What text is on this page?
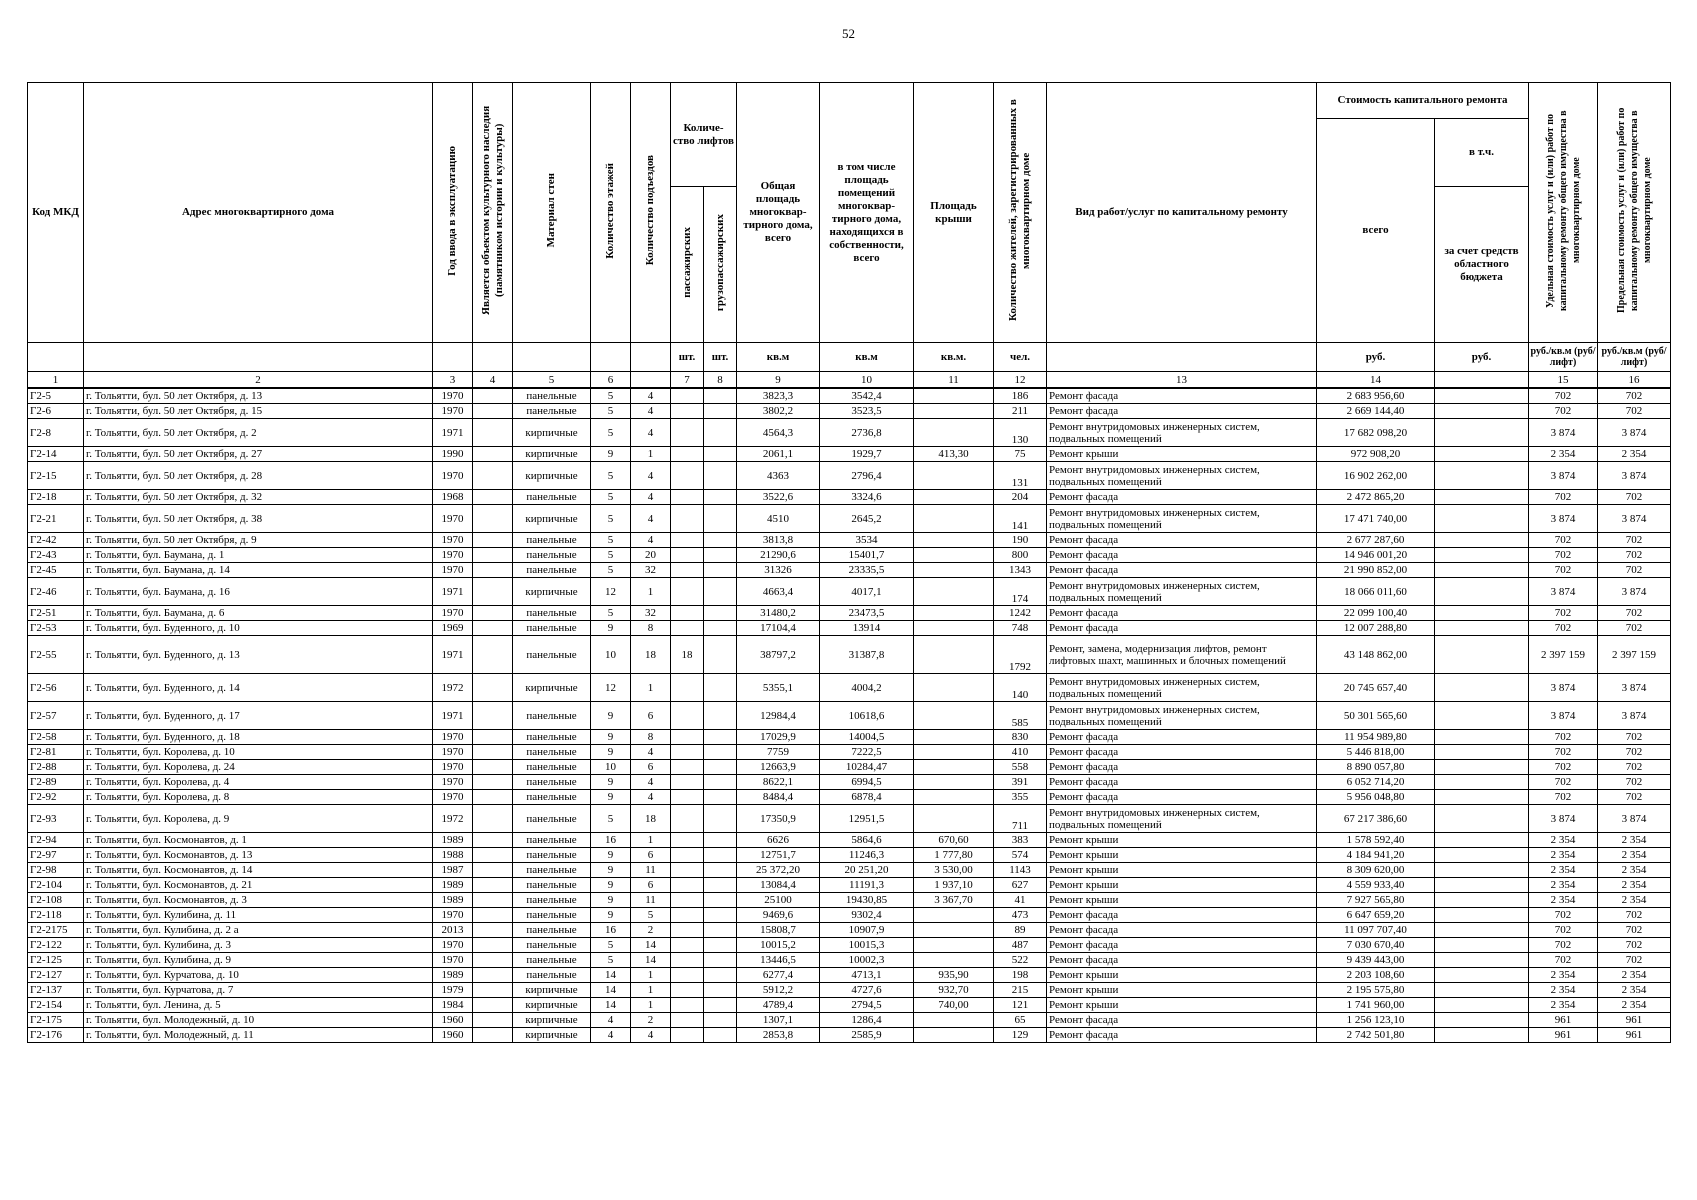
52
Код МКД	Адрес многоквартирного дома	Год ввода в эксплуатацию	Является объектом культурного наследия (памятником истории и культуры)	Материал стен	Количество этажей	Количество подъездов	Количе-ство лифтов		Общая площадь многоквар-тирного дома, всего	в том числе площадь помещений многоквар-тирного дома, находящихся в собственности, всего	Площадь крыши	Количество жителей, зарегистрированных в многоквартирном доме	Вид работ/услуг по капитальному ремонту	Стоимость капитального ремонта		Удельная стоимость услуг и (или) работ по капитальному ремонту общего имущества в многоквартирном доме	Предельная стоимость услуг и (или) работ по капитальному ремонту общего имущества в многоквартирном доме
														всего	в т.ч.		
							пассажирских	грузопассажирских							за счет средств областного бюджета		
							шт.	шт.	кв.м	кв.м	кв.м.	чел.		руб.	руб.	руб./кв.м (руб/лифт)	руб./кв.м (руб/лифт)
1	2	3	4	5	6		7	8	9	10	11	12	13	14		15	16
Г2-5	г. Тольятти, бул. 50 лет Октября, д. 13	1970		панельные	5	4			3823,3	3542,4		186	Ремонт фасада	2 683 956,60		702	702
Г2-6	г. Тольятти, бул. 50 лет Октября, д. 15	1970		панельные	5	4			3802,2	3523,5		211	Ремонт фасада	2 669 144,40		702	702
Г2-8	г. Тольятти, бул. 50 лет Октября, д. 2	1971		кирпичные	5	4			4564,3	2736,8		130	Ремонт внутридомовых инженерных систем, подвальных помещений	17 682 098,20		3 874	3 874
Г2-14	г. Тольятти, бул. 50 лет Октября, д. 27	1990		кирпичные	9	1			2061,1	1929,7	413,30	75	Ремонт крыши	972 908,20		2 354	2 354
Г2-15	г. Тольятти, бул. 50 лет Октября, д. 28	1970		кирпичные	5	4			4363	2796,4		131	Ремонт внутридомовых инженерных систем, подвальных помещений	16 902 262,00		3 874	3 874
Г2-18	г. Тольятти, бул. 50 лет Октября, д. 32	1968		панельные	5	4			3522,6	3324,6		204	Ремонт фасада	2 472 865,20		702	702
Г2-21	г. Тольятти, бул. 50 лет Октября, д. 38	1970		кирпичные	5	4			4510	2645,2		141	Ремонт внутридомовых инженерных систем, подвальных помещений	17 471 740,00		3 874	3 874
Г2-42	г. Тольятти, бул. 50 лет Октября, д. 9	1970		панельные	5	4			3813,8	3534		190	Ремонт фасада	2 677 287,60		702	702
Г2-43	г. Тольятти, бул. Баумана, д. 1	1970		панельные	5	20			21290,6	15401,7		800	Ремонт фасада	14 946 001,20		702	702
Г2-45	г. Тольятти, бул. Баумана, д. 14	1970		панельные	5	32			31326	23335,5		1343	Ремонт фасада	21 990 852,00		702	702
Г2-46	г. Тольятти, бул. Баумана, д. 16	1971		кирпичные	12	1			4663,4	4017,1		174	Ремонт внутридомовых инженерных систем, подвальных помещений	18 066 011,60		3 874	3 874
Г2-51	г. Тольятти, бул. Баумана, д. 6	1970		панельные	5	32			31480,2	23473,5		1242	Ремонт фасада	22 099 100,40		702	702
Г2-53	г. Тольятти, бул. Буденного, д. 10	1969		панельные	9	8			17104,4	13914		748	Ремонт фасада	12 007 288,80		702	702
Г2-55	г. Тольятти, бул. Буденного, д. 13	1971		панельные	10	18	18		38797,2	31387,8		1792	Ремонт, замена, модернизация лифтов, ремонт лифтовых шахт, машинных и блочных помещений	43 148 862,00		2 397 159	2 397 159
Г2-56	г. Тольятти, бул. Буденного, д. 14	1972		кирпичные	12	1			5355,1	4004,2		140	Ремонт внутридомовых инженерных систем, подвальных помещений	20 745 657,40		3 874	3 874
Г2-57	г. Тольятти, бул. Буденного, д. 17	1971		панельные	9	6			12984,4	10618,6		585	Ремонт внутридомовых инженерных систем, подвальных помещений	50 301 565,60		3 874	3 874
Г2-58	г. Тольятти, бул. Буденного, д. 18	1970		панельные	9	8			17029,9	14004,5		830	Ремонт фасада	11 954 989,80		702	702
Г2-81	г. Тольятти, бул. Королева, д. 10	1970		панельные	9	4			7759	7222,5		410	Ремонт фасада	5 446 818,00		702	702
Г2-88	г. Тольятти, бул. Королева, д. 24	1970		панельные	10	6			12663,9	10284,47		558	Ремонт фасада	8 890 057,80		702	702
Г2-89	г. Тольятти, бул. Королева, д. 4	1970		панельные	9	4			8622,1	6994,5		391	Ремонт фасада	6 052 714,20		702	702
Г2-92	г. Тольятти, бул. Королева, д. 8	1970		панельные	9	4			8484,4	6878,4		355	Ремонт фасада	5 956 048,80		702	702
Г2-93	г. Тольятти, бул. Королева, д. 9	1972		панельные	5	18			17350,9	12951,5		711	Ремонт внутридомовых инженерных систем, подвальных помещений	67 217 386,60		3 874	3 874
Г2-94	г. Тольятти, бул. Космонавтов, д. 1	1989		панельные	16	1			6626	5864,6	670,60	383	Ремонт крыши	1 578 592,40		2 354	2 354
Г2-97	г. Тольятти, бул. Космонавтов, д. 13	1988		панельные	9	6			12751,7	11246,3	1 777,80	574	Ремонт крыши	4 184 941,20		2 354	2 354
Г2-98	г. Тольятти, бул. Космонавтов, д. 14	1987		панельные	9	11			25 372,20	20 251,20	3 530,00	1143	Ремонт крыши	8 309 620,00		2 354	2 354
Г2-104	г. Тольятти, бул. Космонавтов, д. 21	1989		панельные	9	6			13084,4	11191,3	1 937,10	627	Ремонт крыши	4 559 933,40		2 354	2 354
Г2-108	г. Тольятти, бул. Космонавтов, д. 3	1989		панельные	9	11			25100	19430,85	3 367,70	41	Ремонт крыши	7 927 565,80		2 354	2 354
Г2-118	г. Тольятти, бул. Кулибина, д. 11	1970		панельные	9	5			9469,6	9302,4		473	Ремонт фасада	6 647 659,20		702	702
Г2-2175	г. Тольятти, бул. Кулибина, д. 2 а	2013		панельные	16	2			15808,7	10907,9		89	Ремонт фасада	11 097 707,40		702	702
Г2-122	г. Тольятти, бул. Кулибина, д. 3	1970		панельные	5	14			10015,2	10015,3		487	Ремонт фасада	7 030 670,40		702	702
Г2-125	г. Тольятти, бул. Кулибина, д. 9	1970		панельные	5	14			13446,5	10002,3		522	Ремонт фасада	9 439 443,00		702	702
Г2-127	г. Тольятти, бул. Курчатова, д. 10	1989		панельные	14	1			6277,4	4713,1	935,90	198	Ремонт крыши	2 203 108,60		2 354	2 354
Г2-137	г. Тольятти, бул. Курчатова, д. 7	1979		кирпичные	14	1			5912,2	4727,6	932,70	215	Ремонт крыши	2 195 575,80		2 354	2 354
Г2-154	г. Тольятти, бул. Ленина, д. 5	1984		кирпичные	14	1			4789,4	2794,5	740,00	121	Ремонт крыши	1 741 960,00		2 354	2 354
Г2-175	г. Тольятти, бул. Молодежный, д. 10	1960		кирпичные	4	2			1307,1	1286,4		65	Ремонт фасада	1 256 123,10		961	961
Г2-176	г. Тольятти, бул. Молодежный, д. 11	1960		кирпичные	4	4			2853,8	2585,9		129	Ремонт фасада	2 742 501,80		961	961
